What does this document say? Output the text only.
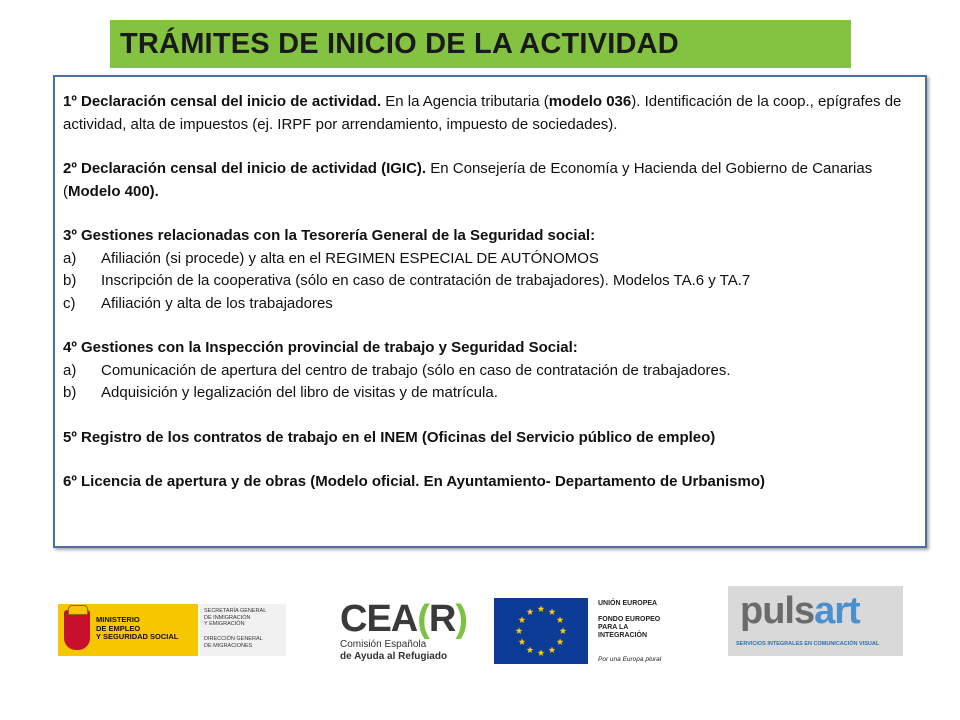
TRÁMITES DE INICIO DE LA ACTIVIDAD

1º Declaración censal del inicio de actividad. En la Agencia tributaria (modelo 036). Identificación de la coop., epígrafes de actividad, alta de impuestos (ej. IRPF por arrendamiento, impuesto de sociedades).

2º Declaración censal del inicio de actividad (IGIC). En Consejería de Economía y Hacienda del Gobierno de Canarias (Modelo 400).

3º Gestiones relacionadas con la Tesorería General de la Seguridad social:
a)	Afiliación (si procede) y alta en el REGIMEN ESPECIAL DE AUTÓNOMOS
b)	Inscripción de la cooperativa (sólo en caso de contratación de trabajadores). Modelos TA.6 y TA.7
c)	Afiliación y alta de los trabajadores
4º Gestiones con la Inspección provincial de trabajo y Seguridad Social:
a)	Comunicación de apertura del centro de trabajo (sólo en caso de contratación de trabajadores.
b)	Adquisición y legalización del libro de visitas y de matrícula.

5º Registro de los contratos de trabajo en el INEM (Oficinas del Servicio público de empleo)

6º Licencia de apertura y de obras (Modelo oficial. En Ayuntamiento- Departamento de Urbanismo)

MINISTERIO
DE EMPLEO
Y SEGURIDAD SOCIAL
SECRETARÍA GENERAL
DE INMIGRACIÓN
Y EMIGRACIÓN
DIRECCIÓN GENERAL
DE MIGRACIONES
CEA(R)
Comisión Española
de Ayuda al Refugiado
UNIÓN EUROPEA
FONDO EUROPEO
PARA LA
INTEGRACIÓN
Por una Europa plural
pulsart
SERVICIOS INTEGRALES EN COMUNICACIÓN VISUAL
